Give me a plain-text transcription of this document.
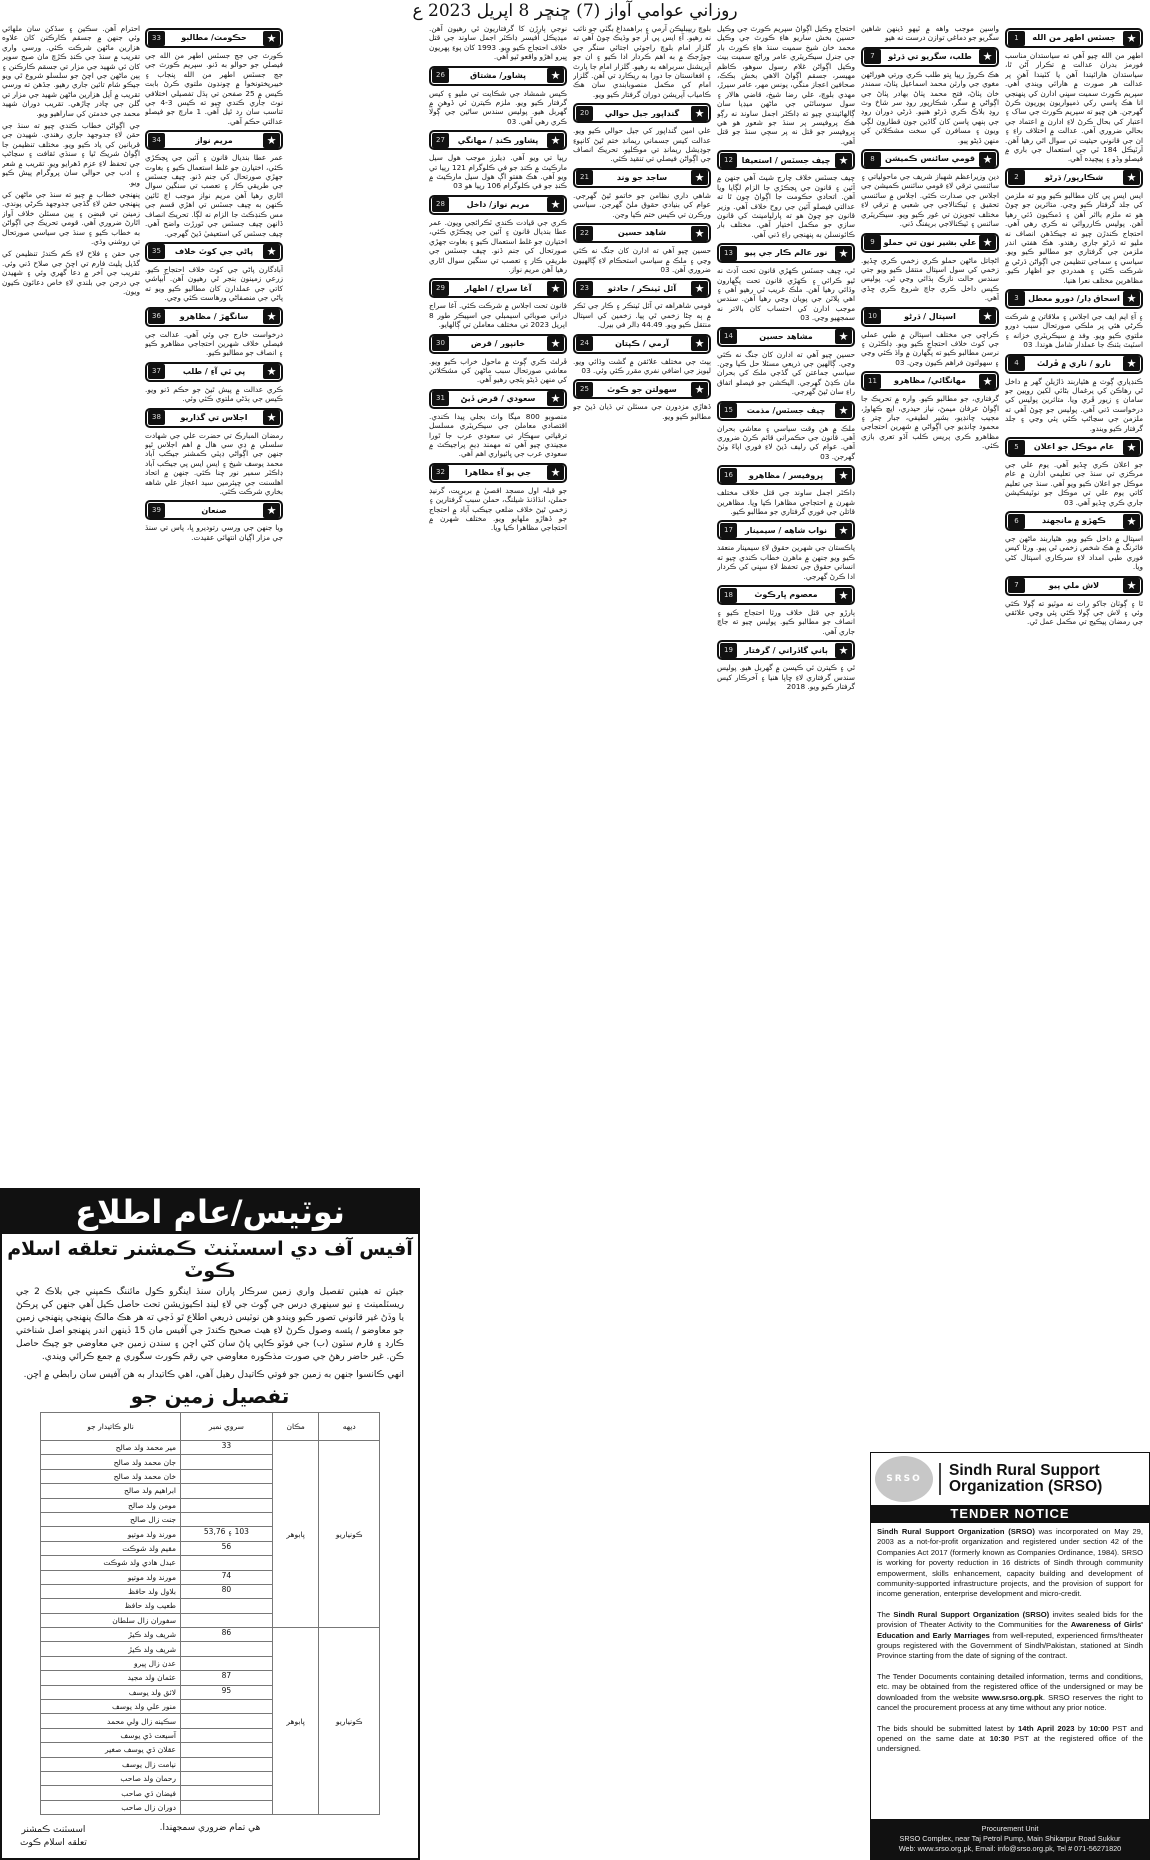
روزاني عوامي آواز (7) ڇنڇر 8 اپريل 2023 ع
★
جسٽس اطهر من الله
1

اطهر من الله چيو آهي ته سياستدان مناسب فورمز بدران عدالت ۾ تڪرار آڻن ٿا، سياستدان هارائيندا آهن يا کٽيندا آهن پر عدالت هر صورت ۾ هارائي ويندي آهي. سپريم ڪورٽ سميت سڀني ادارن کي پنهنجي انا هڪ پاسي رکي ذميواريون پوريون ڪرڻ گهرجن. هن چيو ته سپريم ڪورٽ جي ساک ۽ اعتبار کي بحال ڪرڻ لاءِ ادارن ۾ اعتماد جي بحالي ضروري آهي. عدالت ۾ اختلاف راءِ ۽ ان جي قانوني حيثيت تي سوال اٿي رهيا آهن. آرٽيڪل 184 ٽي جي استعمال جي باري ۾ فيصلو وڏو ۽ پيچيده آهي.

★
شڪارپور/ ڌرڻو
2

ايس ايس پي کان مطالبو ڪيو ويو ته ملزمن کي جلد گرفتار ڪيو وڃي. متاثرين جو چوڻ هو ته ملزم بااثر آهن ۽ ڌمڪيون ڏئي رهيا آهن. پوليس ڪارروائي نه ڪري رهي آهي. احتجاج ڪندڙن چيو ته جيڪڏهن انصاف نه مليو ته ڌرڻو جاري رهندو. هڪ هفتي اندر ملزمن جي گرفتاري جو مطالبو ڪيو ويو. سياسي ۽ سماجي تنظيمن جي اڳواڻن ڌرڻي ۾ شرڪت ڪئي ۽ همدردي جو اظهار ڪيو. مظاهرين مختلف نعرا هنيا.

★
اسحاق ڊار/ دورو معطل
3

۽ آءِ ايم ايف جي اجلاس ۽ ملاقاتن ۾ شرڪت ڪرڻي هئي پر ملڪي صورتحال سبب دورو ملتوي ڪيو ويو. وفد ۾ سيڪريٽري خزانه ۽ اسٽيٽ بئنڪ جا عملدار شامل هوندا. 03

★
نارو / ناري ۾ ڦرلٽ
4

ڪنڊياري ڳوٺ ۾ هٿياربند ڌاڙيلن گهر ۾ داخل ٿي رهاڪن کي يرغمال بڻائي لکين روپين جو سامان ۽ زيور ڦري ويا. متاثرين پوليس کي درخواست ڏني آهي. پوليس جو چوڻ آهي ته ملزمن جي سڃاڻپ ڪئي پئي وڃي ۽ جلد گرفتار ڪيو ويندو.

★
عام موڪل جو اعلان
5

جو اعلان ڪري ڇڏيو آهي. يوم علي جي مرڪزي تي سنڌ جي تعليمي ادارن ۾ عام موڪل جو اعلان ڪيو ويو آهي. سنڌ جي تعليم کاتي يوم علي تي موڪل جو نوٽيفڪيشن جاري ڪري ڇڏيو آهي. 03

★
ڪهڙو ۾ مانجهند
6

اسپتال ۾ داخل ڪيو ويو. هٿياربند ماڻهن جي فائرنگ ۾ هڪ شخص زخمي ٿي پيو. ورثا کيس فوري طبي امداد لاءِ سرڪاري اسپتال کڻي ويا.

★
لاش ملي پيو
7

ٿا ۽ ڳوٺان جاکو رات نه موٽيو ته ڳولا ڪئي وئي ۽ لاش جي ڳولا ڪئي پئي وڃي علائقي جي رمضان پيڪيج تي مڪمل عمل ٿي.

واسين موجب واهه ۾ ٽيهو ڏينهن شاهين سگريو جو دماغي توازن درست نه هيو

★
طلب، سگريو تي ڌرڻو
7

هڪ ڪروڙ رپيا ڀتو طلب ڪري ورتي هوراڻهن مغوي جي وارثن محمد اسماعيل پٺاڻ، سمندر خان پٺاڻ، فتح محمد پٺاڻ بهادر پٺاڻ جي اڳواڻي ۾ سگر، شڪارپور روڊ سر شاخ وٽ روڊ بلاڪ ڪري ڌرڻو هنيو. ڌرڻي دوران روڊ جي ٻنهي پاسن کان گاڏين جون قطارون لڳي ويون ۽ مسافرن کي سخت مشڪلاتن کي منهن ڏيڻو پيو.

★
قومي سائنس ڪميشن
8

دين وزيراعظم شهباز شريف جي ماحولياتي ۽ سائنسي ترقي لاءِ قومي سائنس ڪميشن جي اجلاس جي صدارت ڪئي. اجلاس ۾ سائنسي تحقيق ۽ ٽيڪنالاجي جي شعبي ۾ ترقي لاءِ مختلف تجويزن تي غور ڪيو ويو. سيڪريٽري سائنس ۽ ٽيڪنالاجي بريفنگ ڏني.

★
علي بشير نون تي حملو
9

اڻڄاتل ماڻهن حملو ڪري زخمي ڪري ڇڏيو. زخمي کي سول اسپتال منتقل ڪيو ويو جتي سندس حالت نازڪ ٻڌائي وڃي ٿي. پوليس ڪيس داخل ڪري جاچ شروع ڪري ڇڏي آهي.

★
اسپتال / ڌرڻو
10

ڪراچي جي مختلف اسپتالن ۾ طبي عملي جي کوٽ خلاف احتجاج ڪيو ويو. ڊاڪٽرن ۽ نرسن مطالبو ڪيو ته پگهارن ۾ واڌ ڪئي وڃي ۽ سهولتون فراهم ڪيون وڃن. 03

★
مهانگائي/ مظاهرو
11

گرفتاري، جو مطالبو ڪيو. واره ۾ تحريڪ جا اڳواڻ عرفان ميمڻ، نياز حيدري، ايڇ ڪهاوڙ، مجيب چانڊيو، بشير لطيفي، جبار چتر ۽ محمود چانڊيو جي اڳواڻي ۾ شهرين احتجاجي مظاهرو ڪري پريس ڪلب آڏو تعري بازي ڪئي.

احتجاج وڪيل اڳواڻ سپريم ڪورٽ جي وڪيل حسين بخش ساريو هاءِ ڪورٽ جي وڪيل محمد خان شيخ سميت سنڌ هاءِ ڪورٽ بار جي جنرل سيڪريٽري عامر وراڻچ سميت بيٺ وڪيل اڳواڻن غلام رسول سوهو، ڪاظم مهيسر، جسقم اڳواڻ الاهي بخش بڪڪ، صحافين اعجاز منگي، يونس مهر، عامر سيرڙ، مهدي بلوچ، علي رضا شيخ، قاضي هالار ۽ سول سوسائٽي جي ماڻهن ميڊيا سان ڳالهائيندي چيو ته ڊاڪٽر اجمل ساوند نه رڳو هڪ پروفيسر پر سنڌ جو شعور هو هي پروفيسر جو قتل نه پر سڄي سنڌ جو قتل آهي.

★
چيف جسٽس / استعيفا
12

چيف جسٽس خلاف چارج شيٽ آهي جنهن ۾ آئين ۽ قانون جي ڀڃڪڙي جا الزام لڳايا ويا آهن. اتحادي حڪومت جا اڳواڻ چون ٿا ته عدالتي فيصلو آئين جي روح خلاف آهي. وزير قانون جو چوڻ هو ته پارليامينٽ کي قانون سازي جو مڪمل اختيار آهي. مختلف بار ڪائونسلن به پنهنجي راءِ ڏني آهي.

★
نور عالم ڪار جي پيو
13

ٿي، چيف جسٽس ڪهڙي قانون تحت آڊٽ نه ٿيو ڪرائي ۽ ڪهڙي قانون تحت پگهارون وڌائي رهيا آهن. ملڪ غريب ٿي رهيو آهي ۽ اهي پلاٽن جي پويان وڃي رهيا آهن. سندس موجب ادارن کي احتساب کان بالاتر نه سمجهيو وڃي. 03

★
مشاهد حسين
14

حسين چيو آهي ته ادارن کان جنگ نه ڪئي وڃي. ڳالهين جي ذريعي مسئلا حل ڪيا وڃن. سياسي جماعتن کي گڏجي ملڪ کي بحران مان ڪڍڻ گهرجي. اليڪشن جو فيصلو اتفاق راءِ سان ٿيڻ گهرجي.

★
چيف جسٽس/ مذمت
15

ملڪ ۾ هن وقت سياسي ۽ معاشي بحران آهي. قانون جي حڪمراني قائم ڪرڻ ضروري آهي. عوام کي رليف ڏيڻ لاءِ فوري اپاءَ وٺڻ گهرجن. 03

★
پروفيسر / مظاهرو
16

ڊاڪٽر اجمل ساوند جي قتل خلاف مختلف شهرن ۾ احتجاجي مظاهرا ڪيا ويا. مظاهرين قاتلن جي فوري گرفتاري جو مطالبو ڪيو.

★
نواب شاهه / سيمينار
17

پاڪستان جي شهرين حقوق لاءِ سيمينار منعقد ڪيو ويو جنهن ۾ ماهرن خطاب ڪندي چيو ته انساني حقوق جي تحفظ لاءِ سڀني کي ڪردار ادا ڪرڻ گهرجي.

★
معصوم ڀارڪوٽ
18

ٻارڙو جي قتل خلاف ورثا احتجاج ڪيو ۽ انصاف جو مطالبو ڪيو. پوليس چيو ته جاچ جاري آهي.

★
ٻاني گاڏراني / گرفتار
19

ٿي ۽ ڪيترن ئي ڪيسن ۾ گهربل هيو. پوليس سندس گرفتاري لاءِ ڇاپا هنيا ۽ آخرڪار کيس گرفتار ڪيو ويو. 2018

بلوچ ريپبليڪن آرمي ۽ براهمداغ بگٽي جو نائب نه رهيو. آءِ ايس پي آر جو وڌيڪ چوڻ آهي ته گلزار امام بلوچ راجوئي اجتائي سنگر جي جوڙجڪ ۾ به اهم ڪردار ادا ڪيو ۽ ان جو آپريشنل سربراهه به رهيو. گلزار امام جا پارٽ ۽ افغانستان جا دورا به ريڪارڊ تي آهن. گلزار امام کي مڪمل منصوبابندي سان هڪ ڪامياب آپريشن دوران گرفتار ڪيو ويو.

★
گنداپور جيل حوالي
20

علي امين گنداپور کي جيل حوالي ڪيو ويو. عدالت کيس جسماني ريمانڊ ختم ٿيڻ کانپوءِ جوڊيشل ريمانڊ تي موڪليو. تحريڪ انصاف جي اڳواڻن فيصلي تي تنقيد ڪئي.

★
ساجد جو وند
21

شاهي داري نظامن جو خاتمو ٿيڻ گهرجي. عوام کي بنيادي حقوق ملڻ گهرجن. سياسي ورڪرن تي ڪيس ختم ڪيا وڃن.

★
شاهد حسين
22

حسين چيو آهي ته ادارن کان جنگ نه ڪئي وڃي ۽ ملڪ ۾ سياسي استحڪام لاءِ ڳالهيون ضروري آهن. 03

★
آئل ٽينڪر / حادثو
23

قومي شاهراهه تي آئل ٽينڪر ۽ ڪار جي ٽڪر ۾ ٻه ڄڻا زخمي ٿي پيا. زخمين کي اسپتال منتقل ڪيو ويو. 44.49 ڊالر في بيرل.

★
آرمي / ڪپتان
24

ٻيٽ جي مختلف علائقن ۾ گشت وڌائي ويو. ليويز جي اضافي نفري مقرر ڪئي وئي. 03

★
سهولتن جو ڪوٽ
25

ڏهاڙي مزدورن جي مسئلن تي ڌيان ڏيڻ جو مطالبو ڪيو ويو.

نوجي ٻارڙن کا گرفتاريون ٿي رهيون آهن. ميڊيڪل آفيسر ڊاڪٽر اجمل ساوند جي قتل خلاف احتجاج ڪيو ويو. 1993 کان پوءِ پهريون ڀيرو اهڙو واقعو ٿيو آهي.

★
پشاور/ مشتاق
26

ڪيس شمشاد جي شڪايت تي مليو ۽ کيس گرفتار ڪيو ويو. ملزم ڪيترن ئي ڏوهن ۾ گهربل هيو. پوليس سندس ساٿين جي ڳولا ڪري رهي آهي. 03

★
پشاور ڪنڊ / مهانگي
27

رپيا تي ويو آهي. ڊيلرز موجب هول سيل مارڪيٽ ۾ ڪنڊ جو في ڪلوگرام 121 رپيا تي ويو آهي. هڪ هفتو اڳ هول سيل مارڪيٽ ۾ ڪنڊ جو في ڪلوگرام 106 رپيا هو 03

★
مريم نواز/ داخل
28

ڪري جي قيادت ڪندي ٽڪرائجي ويون. عمر عطا بنديال قانون ۽ آئين جي ڀڃڪڙي ڪئي، اختيارن جو غلط استعمال ڪيو ۽ بغاوت جهڙي صورتحال کي جنم ڏنو. چيف جسٽس جي طريقي ڪار ۽ تعصب تي سنگين سوال اٿاري رهيا آهن مريم نواز.

★
آغا سراج / اظهار
29

قانون تحت اجلاس ۾ شرڪت ڪئي. آغا سراج دراني صوبائي اسيمبلي جي اسپيڪر طور 8 اپريل 2023 تي مختلف معاملن تي ڳالهايو.

★
خانپور / قرض
30

ڦرلٽ ڪري ڳوٺ ۾ ماحول خراب ڪيو ويو. معاشي صورتحال سبب ماڻهن کي مشڪلاتن کي منهن ڏيڻو پئجي رهيو آهي.

★
سعودي / قرض ڏيڻ
31

منصوبو 800 ميگا واٽ بجلي پيدا ڪندي. اقتصادي معاملن جي سيڪريٽري مسلسل ترقياتي سهڪار تي سعودي عرب جا ٿورا مڃيندي چيو آهي ته مهمند ڊيم پراجيڪٽ ۾ سعودي عرب جي ڀائيواري اهم آهي.

★
جي يو آءِ مظاهرا
32

جو قبلہ اول مسجد اقصيٰ ۾ بربريت، گرنيڊ حملن، انڌاڌنڌ شيلنگ، حملن سبب گرفتارين ۽ زخمي ٿيڻ خلاف ضلعي جيڪب آباد ۾ احتجاج جو ڏهاڙو ملهايو ويو. مختلف شهرن ۾ احتجاجي مظاهرا ڪيا ويا.

★
حڪومت/ مطالبو
33

ڪورٽ جي جج جسٽس اطهر من الله جي فيصلي جو حوالو به ڏنو. سپريم ڪورٽ جي جج جسٽس اطهر من الله پنجاب ۽ خيبرپختونخوا ۾ چونڊون ملتوي ڪرڻ بابت ڪيس ۾ 25 صفحن تي ٻڌل تفصيلي اختلافي نوٽ جاري ڪندي چيو ته ڪيس 3-4 جي تناسب سان رد ٿيل آهي. 1 مارچ جو فيصلو عدالتي حڪم آهي.

★
مريم نواز
34

عمر عطا بنديال قانون ۽ آئين جي ڀڃڪڙي ڪئي، اختيارن جو غلط استعمال ڪيو ۽ بغاوت جهڙي صورتحال کي جنم ڏنو. چيف جسٽس جي طريقي ڪار ۽ تعصب تي سنگين سوال اٿاري رهيا آهن مريم نواز موجب اڄ ٽائين ڪنهن به چيف جسٽس تي اهڙي قسم جي مس ڪنڊڪٽ جا الزام نه لڳا. تحريڪ انصاف ڏانهن چيف جسٽس جي ٿورڙت واضح آهي. چيف جسٽس کي استعيفيٰ ڏيڻ گهرجي.

★
پاڻي جي کوٽ خلاف
35

آبادگارن پاڻي جي کوٽ خلاف احتجاج ڪيو. زرعي زمينون بنجر ٿي رهيون آهن. آبپاشي کاتي جي عملدارن کان مطالبو ڪيو ويو ته پاڻي جي منصفاڻي ورهاست ڪئي وڃي.

★
سانگهڙ / مظاهرو
36

درخواست خارج جي وئي آهي. عدالت جي فيصلي خلاف شهرين احتجاجي مظاهرو ڪيو ۽ انصاف جو مطالبو ڪيو.

★
پي ٽي آءِ / طلب
37

ڪري عدالت ۾ پيش ٿيڻ جو حڪم ڏنو ويو. ڪيس جي ٻڌڻي ملتوي ڪئي وئي.

★
اجلاس تي گذاريو
38

رمضان المبارڪ تي حضرت علي جي شهادت سلسلي ۾ ڊي سي هال ۾ اهم اجلاس ٿيو جنهن جي اڳواڻي ڊپٽي ڪمشنر جيڪب آباد محمد يوسف شيخ ۽ ايس ايس پي جيڪب آباد ڊاڪٽر سمير نور چنا ڪئي. جنهن ۾ اتحاد اهلسنت جي چيئرمين سيد اعجاز علي شاهه بخاري شرڪت ڪئي.

★
صنعان
39

ويا جنهن جي ورسي رتوديرو ڀا، پاس تي سنڌ جي مزار اڳيان انتهائي عقيدت.

احترام آهن. سڪين ۽ سڏکن سان ملهائي وئي جنهن ۾ جسقم ڪارڪنن کان علاوه هزارين ماڻهن شرڪت ڪئي. ورسي واري تقريب ۾ سنڌ جي ڪنڊ ڪڙڇ مان صبح سوير کان ئي شهيد جي مزار تي جسقم ڪارڪنن ۽ ٻين ماڻهن جي اچڻ جو سلسلو شروع ٿي ويو جيڪو شام تائين جاري رهيو. جڏهن ته ورسي تقريب ۾ اَيل هزارين ماڻهن شهيد جي مزار تي گلن جي چادر چاڙهي. تقريب دوران شهيد محمد جي خدمتن کي ساراهيو ويو.

جي اڳواڻن خطاب ڪندي چيو ته سنڌ جي حقن لاءِ جدوجهد جاري رهندي. شهيدن جي قربانين کي ياد ڪيو ويو. مختلف تنظيمن جا اڳواڻ شريڪ ٿيا ۽ سنڌي ثقافت ۽ سڃاڻپ جي تحفظ لاءِ عزم ڏهرايو ويو. تقريب ۾ شعر ۽ ادب جي حوالي سان پروگرام پيش ڪيو ويو.

پنهنجي خطاب ۾ چيو ته سنڌ جي ماڻهن کي پنهنجي حقن لاءِ گڏجي جدوجهد ڪرڻي پوندي. زمينن تي قبضن ۽ ٻين مسئلن خلاف آواز اٿارڻ ضروري آهي. قومي تحريڪ جي اڳواڻن به خطاب ڪيو ۽ سنڌ جي سياسي صورتحال تي روشني وڌي.

جي حقن ۽ فلاح لاءِ ڪم ڪندڙ تنظيمن کي گڏيل پليٽ فارم تي اچڻ جي صلاح ڏني وئي. تقريب جي آخر ۾ دعا گهري وئي ۽ شهيدن جي درجن جي بلندي لاءِ خاص دعائون ڪيون ويون.

نوٽيس/عام اطلاع
آفيس آف دي اسسٽنٽ ڪمشنر تعلقه اسلام ڪوٽ
جيئن ته هيٺين تفصيل واري زمين سرڪار پاران سنڌ اينگرو ڪول مائننگ ڪمپني جي بلاڪ 2 جي ريسٽلمينٽ ۽ نيو سينهري درس جي ڳوٺ جي لاءِ لينڊ اڪيوزيشن تحت حاصل ڪيل آهي جنهن کي پرڪڻ يا وڏڻ غير قانوني تصور ڪيو ويندو هن نوٽيس ذريعي اطلاع ٿو ڏجي ته هر هڪ مالڪ پنهنجي پنهنجي زمين جو معاوضو / پئسه وصول ڪرڻ لاءِ هيٺ صحيح ڪندڙ جي آفيس مان 15 ڏينهن اندر پنهنجو اصل شناختي ڪارڊ ۽ فارم سٽون (ب) جي فوٽو ڪاپي پاڻ سان کڻي اچن ۽ سندن زمين جي معاوضي جو چيڪ حاصل ڪن. غير حاضر رهڻ جي صورت مذڪوره معاوضي جي رقم ڪورٽ سگوري ۾ جمع ڪرائي ويندي.
انهي ڪانسوا جنهن به زمين جو فوتي ڪاتيدل رهيل آهي، اهي ڪاتيدار به هن آفيس سان رابطي ۾ اچن.
تفصيل زمين جو
ديهه	مڪان	سروي نمبر	نالو ڪاتيدار جو
ڪونياريو	پابوهر	33	مير محمد ولد صالح
			جان محمد ولد صالح
			خان محمد ولد صالح
			ابراهيم ولد صالح
			مومن ولد صالح
			جنت زال صالح
		103 ۽ 53,76	مورند ولد موتيو
		56	مقيم ولد شوڪت
			عبدل هادي ولد شوڪت
		74	مورند ولد موتيو
		80	بلاول ولد حافظ
			طعيب ولد حافظ
			سفوران زال سلطان
ڪونياريو	پابوهر	86	شريف ولد ڪيڙ
			شريف ولد ڪيڙ
			عدن زال پيرو
		87	عثمان ولد مجيد
		95	لائق ولد يوسف
			منور علي ولد يوسف
			سڪينه زال ولي محمد
			آسيعت ڌي يوسف
			عقلان ڌي يوسف صغير
			نيامت زال يوسف
			رحمان ولد صاحب
			فيضان ڌي صاحب
			دوران زال صاحب
هي تمام ضروري سمجهندا.
اسسٽنٽ ڪمشنر
تعلقه اسلام ڪوٽ
SRSO	Sindh Rural Support Organization (SRSO)
TENDER NOTICE

Sindh Rural Support Organization (SRSO) was incorporated on May 29, 2003 as a not-for-profit organization and registered under section 42 of the Companies Act 2017 (formerly known as Companies Ordinance, 1984). SRSO is working for poverty reduction in 16 districts of Sindh through community empowerment, skills enhancement, capacity building and development of community-supported infrastructure projects, and the provision of support for income generation, enterprise development and micro-credit.

The Sindh Rural Support Organization (SRSO) invites sealed bids for the provision of Theater Activity to the Communities for the Awareness of Girls' Education and Early Marriages from well-reputed, experienced firms/theater groups registered with the Government of Sindh/Pakistan, stationed at Sindh Province starting from the date of signing of the contract.

The Tender Documents containing detailed information, terms and conditions, etc. may be obtained from the registered office of the undersigned or may be downloaded from the website www.srso.org.pk. SRSO reserves the right to cancel the procurement process at any time without any prior notice.

The bids should be submitted latest by 14th April 2023 by 10:00 PST and opened on the same date at 10:30 PST at the registered office of the undersigned.

Procurement Unit
SRSO Complex, near Taj Petrol Pump, Main Shikarpur Road Sukkur
Web: www.srso.org.pk, Email: info@srso.org.pk, Tel # 071-56271820
